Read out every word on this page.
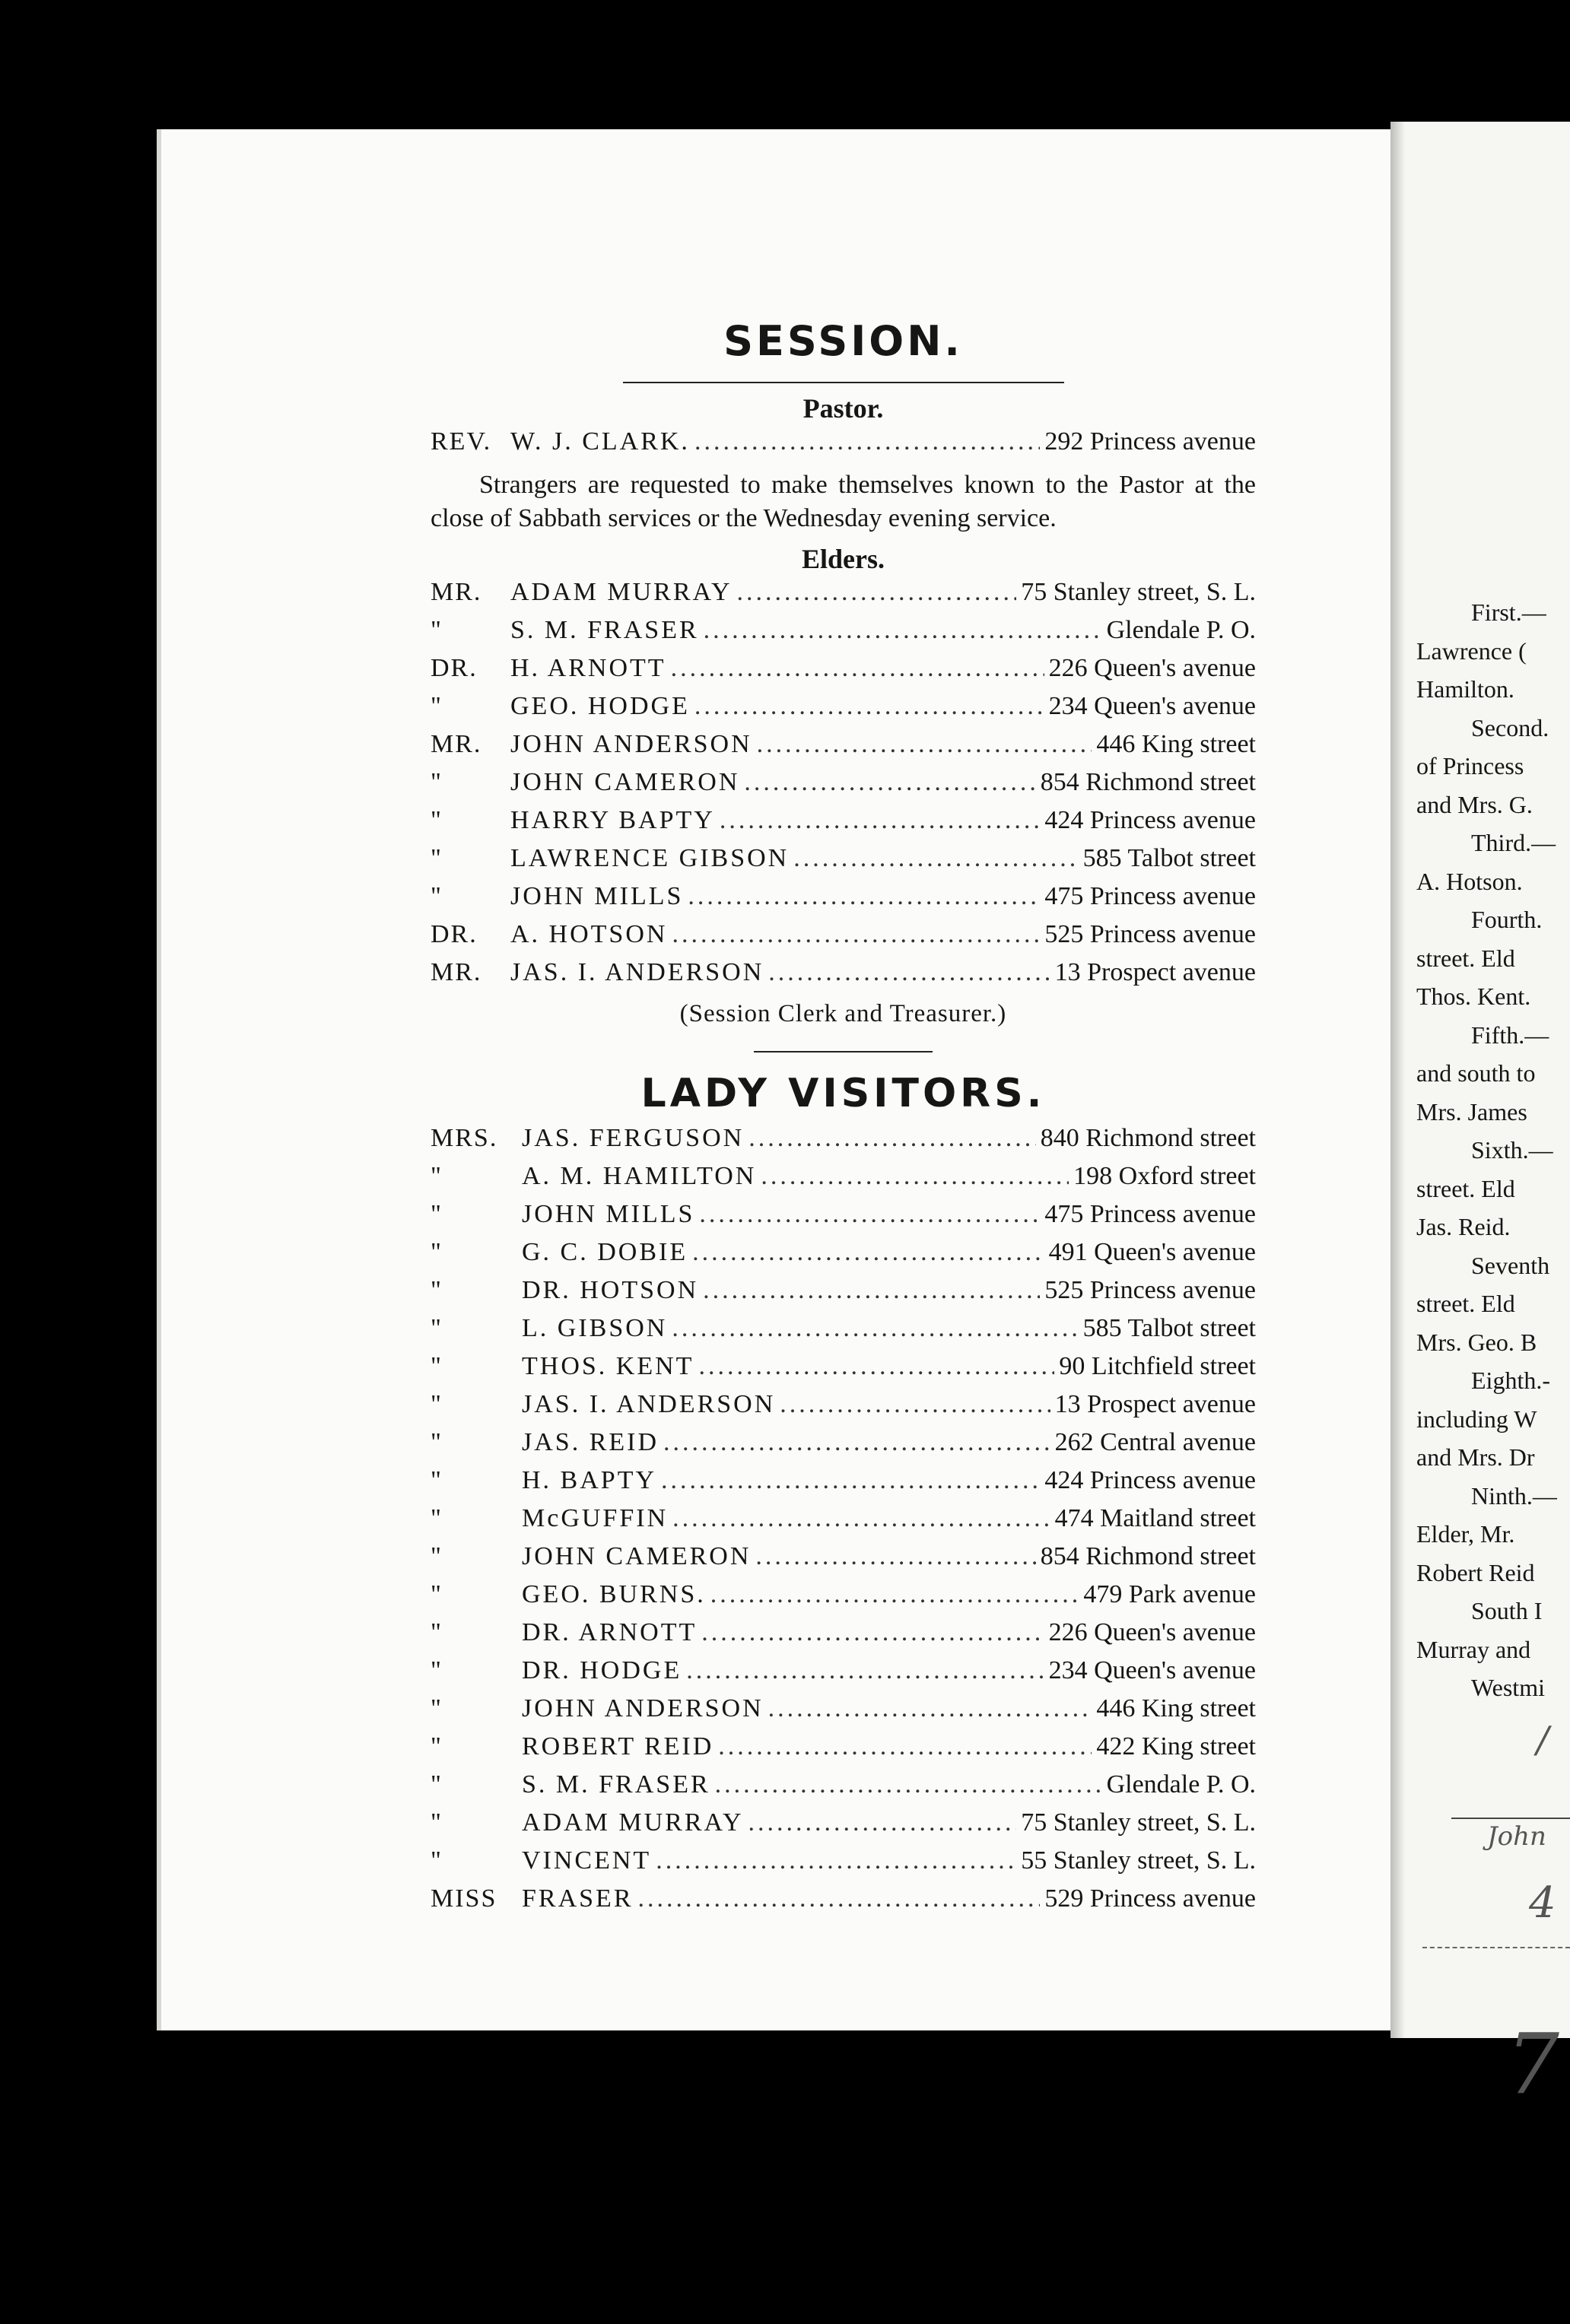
SESSION.
Pastor.
REV. W. J. CLARK. .....	292 Princess avenue

Strangers are requested to make themselves known to the Pastor at the close of Sabbath services or the Wednesday evening service.

Elders.
MR.	ADAM MURRAY .....	75 Stanley street, S. L.
"	S. M. FRASER .....	Glendale P. O.
DR.	H. ARNOTT .....	226 Queen's avenue
"	GEO. HODGE .....	234 Queen's avenue
MR.	JOHN ANDERSON .....	446 King street
"	JOHN CAMERON .....	854 Richmond street
"	HARRY BAPTY .....	424 Princess avenue
"	LAWRENCE GIBSON .....	585 Talbot street
"	JOHN MILLS .....	475 Princess avenue
DR.	A. HOTSON .....	525 Princess avenue
MR.	JAS. I. ANDERSON .....	13 Prospect avenue
(Session Clerk and Treasurer.)
LADY VISITORS.
MRS. JAS. FERGUSON .....	840 Richmond street
"	A. M. HAMILTON .....	198 Oxford street
"	JOHN MILLS .....	475 Princess avenue
"	G. C. DOBIE .....	491 Queen's avenue
"	DR. HOTSON .....	525 Princess avenue
"	L. GIBSON .....	585 Talbot street
"	THOS. KENT .....	90 Litchfield street
"	JAS. I. ANDERSON .....	13 Prospect avenue
"	JAS. REID .....	262 Central avenue
"	H. BAPTY .....	424 Princess avenue
"	McGUFFIN .....	474 Maitland street
"	JOHN CAMERON .....	854 Richmond street
"	GEO. BURNS. .....	479 Park avenue
"	DR. ARNOTT .....	226 Queen's avenue
"	DR. HODGE .....	234 Queen's avenue
"	JOHN ANDERSON .....	446 King street
"	ROBERT REID .....	422 King street
"	S. M. FRASER .....	Glendale P. O.
"	ADAM MURRAY .....	75 Stanley street, S. L.
"	VINCENT .....	55 Stanley street, S. L.
MISS FRASER .....	529 Princess avenue
First.—
Lawrence (
Hamilton.
Second.
of Princess
and Mrs. G.
Third.—
A. Hotson.
Fourth.
street. Eld
Thos. Kent.
Fifth.—
and south to
Mrs. James
Sixth.—
street. Eld
Jas. Reid.
Seventh
street. Eld
Mrs. Geo. B
Eighth.-
including W
and Mrs. Dr
Ninth.—
Elder, Mr.
Robert Reid
South I
Murray and
Westmi
/
John
4
7
